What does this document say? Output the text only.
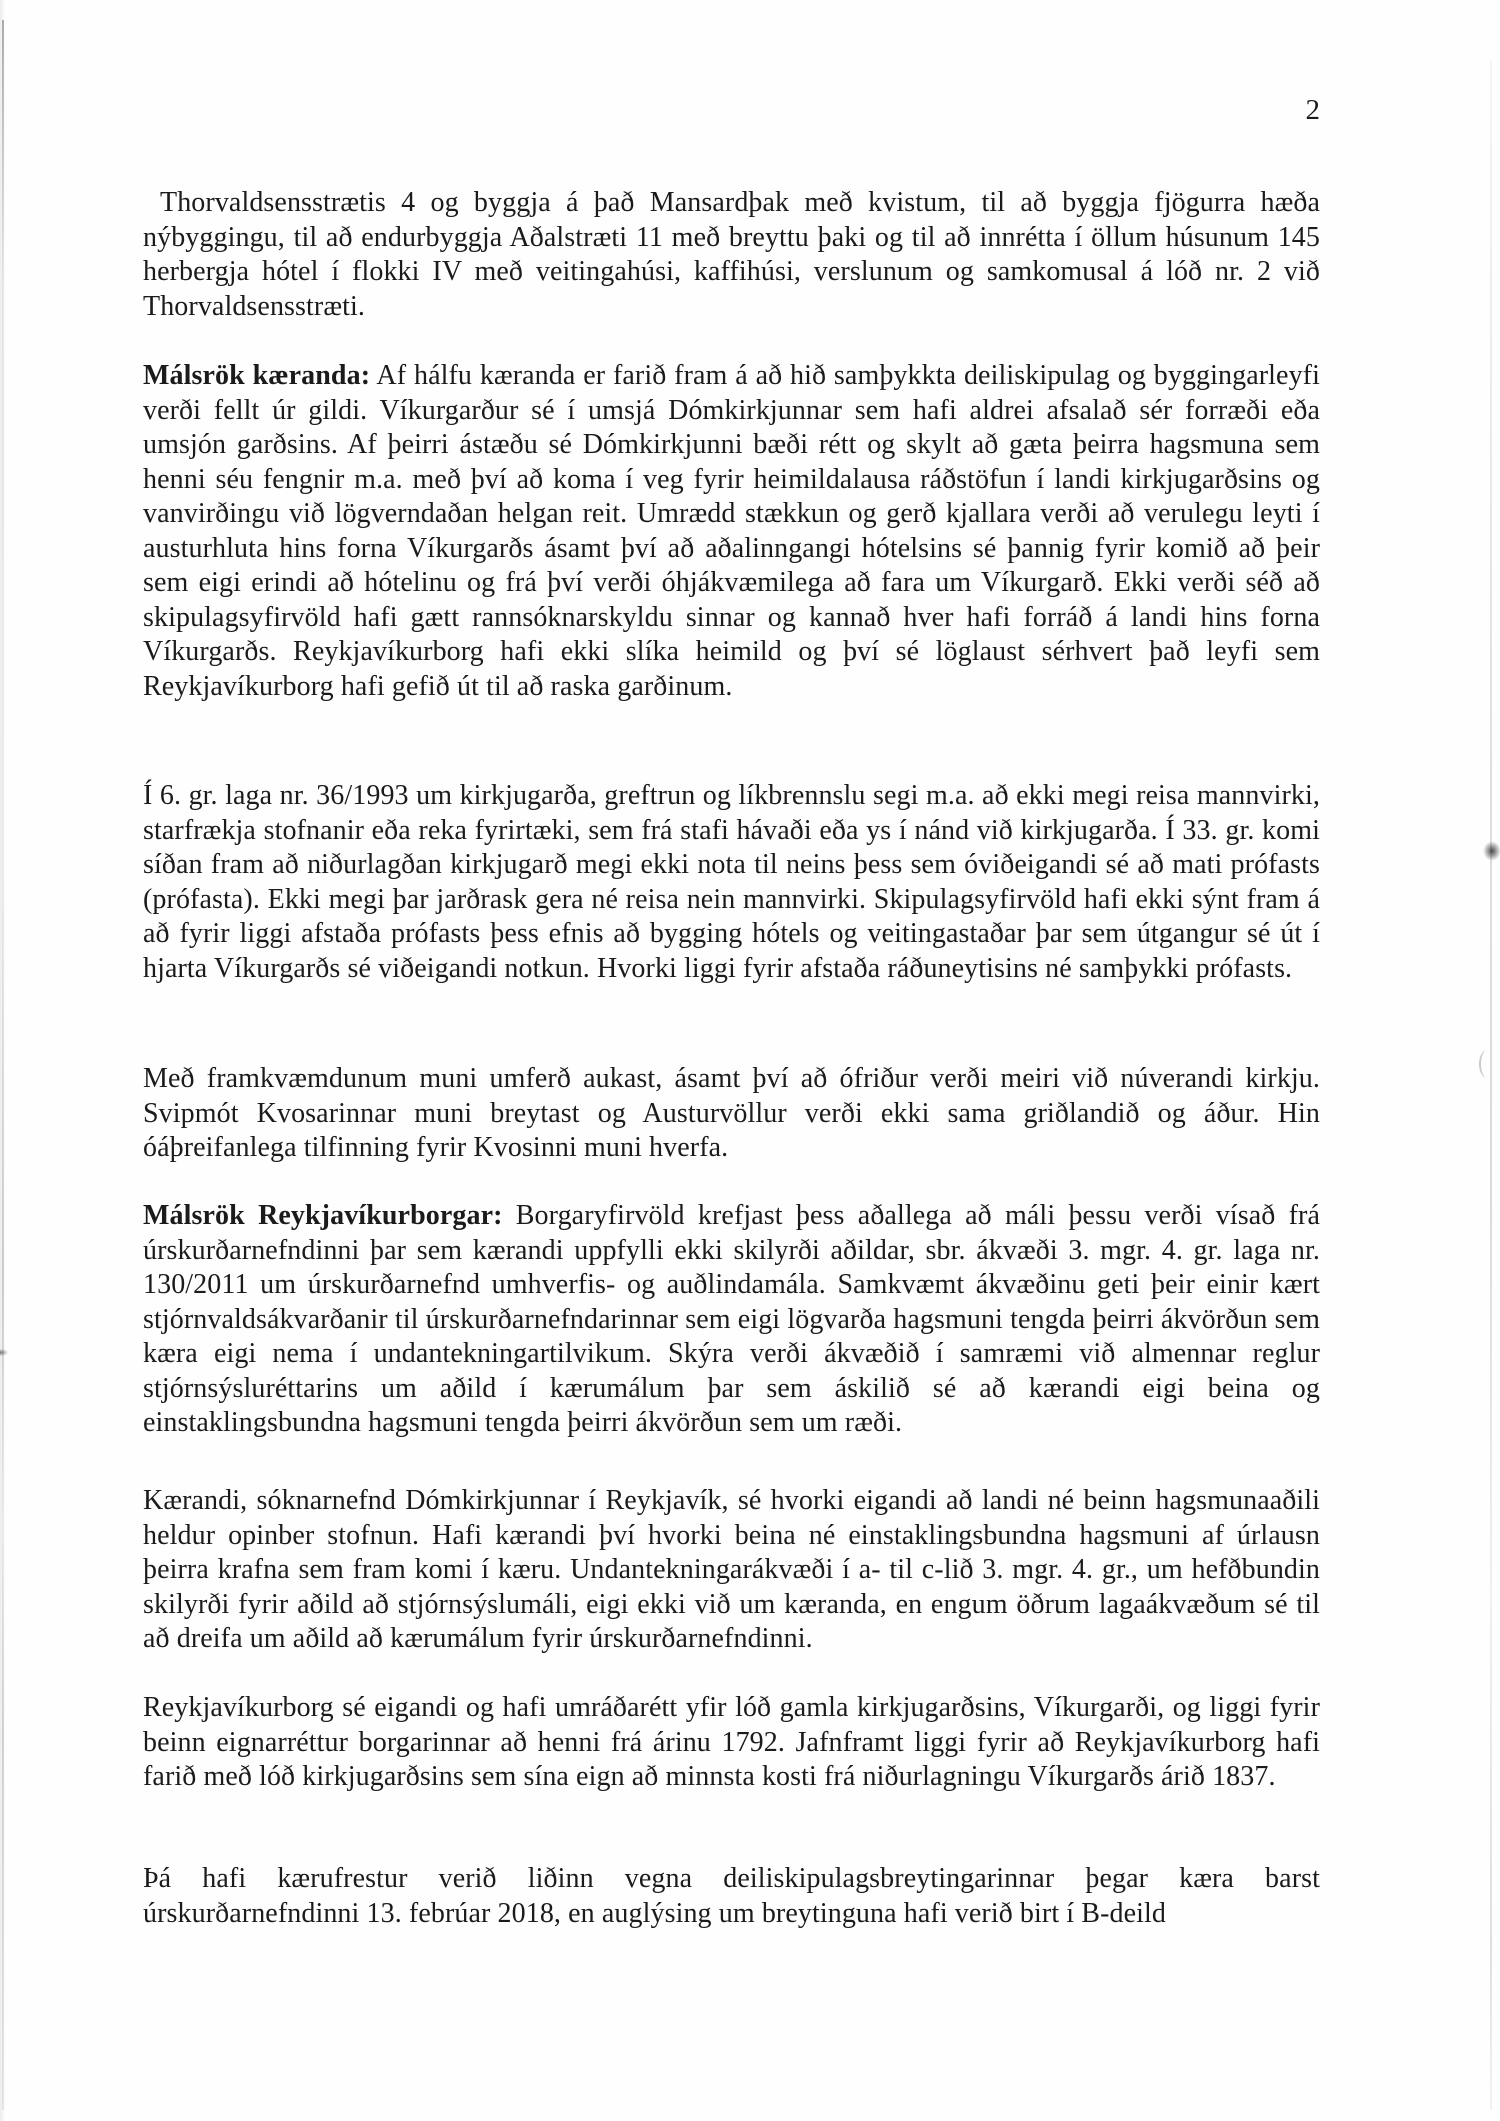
2

Thorvaldsensstrætis 4 og byggja á það Mansardþak með kvistum, til að byggja fjögurra hæða nýbyggingu, til að endurbyggja Aðalstræti 11 með breyttu þaki og til að innrétta í öllum húsunum 145 herbergja hótel í flokki IV með veitingahúsi, kaffihúsi, verslunum og samkomusal á lóð nr. 2 við Thorvaldsensstræti.

Málsrök kæranda: Af hálfu kæranda er farið fram á að hið samþykkta deiliskipulag og byggingarleyfi verði fellt úr gildi. Víkurgarður sé í umsjá Dómkirkjunnar sem hafi aldrei afsalað sér forræði eða umsjón garðsins. Af þeirri ástæðu sé Dómkirkjunni bæði rétt og skylt að gæta þeirra hagsmuna sem henni séu fengnir m.a. með því að koma í veg fyrir heimildalausa ráðstöfun í landi kirkjugarðsins og vanvirðingu við lögverndaðan helgan reit. Umrædd stækkun og gerð kjallara verði að verulegu leyti í austurhluta hins forna Víkurgarðs ásamt því að aðalinngangi hótelsins sé þannig fyrir komið að þeir sem eigi erindi að hótelinu og frá því verði óhjákvæmilega að fara um Víkurgarð. Ekki verði séð að skipulagsyfirvöld hafi gætt rannsóknarskyldu sinnar og kannað hver hafi forráð á landi hins forna Víkurgarðs. Reykjavíkurborg hafi ekki slíka heimild og því sé löglaust sérhvert það leyfi sem Reykjavíkurborg hafi gefið út til að raska garðinum.

Í 6. gr. laga nr. 36/1993 um kirkjugarða, greftrun og líkbrennslu segi m.a. að ekki megi reisa mannvirki, starfrækja stofnanir eða reka fyrirtæki, sem frá stafi hávaði eða ys í nánd við kirkjugarða. Í 33. gr. komi síðan fram að niðurlagðan kirkjugarð megi ekki nota til neins þess sem óviðeigandi sé að mati prófasts (prófasta). Ekki megi þar jarðrask gera né reisa nein mannvirki. Skipulagsyfirvöld hafi ekki sýnt fram á að fyrir liggi afstaða prófasts þess efnis að bygging hótels og veitingastaðar þar sem útgangur sé út í hjarta Víkurgarðs sé viðeigandi notkun. Hvorki liggi fyrir afstaða ráðuneytisins né samþykki prófasts.

Með framkvæmdunum muni umferð aukast, ásamt því að ófriður verði meiri við núverandi kirkju. Svipmót Kvosarinnar muni breytast og Austurvöllur verði ekki sama griðlandið og áður. Hin óáþreifanlega tilfinning fyrir Kvosinni muni hverfa.

Málsrök Reykjavíkurborgar: Borgaryfirvöld krefjast þess aðallega að máli þessu verði vísað frá úrskurðarnefndinni þar sem kærandi uppfylli ekki skilyrði aðildar, sbr. ákvæði 3. mgr. 4. gr. laga nr. 130/2011 um úrskurðarnefnd umhverfis- og auðlindamála. Samkvæmt ákvæðinu geti þeir einir kært stjórnvaldsákvarðanir til úrskurðarnefndarinnar sem eigi lögvarða hagsmuni tengda þeirri ákvörðun sem kæra eigi nema í undantekningartilvikum. Skýra verði ákvæðið í samræmi við almennar reglur stjórnsýsluréttarins um aðild í kærumálum þar sem áskilið sé að kærandi eigi beina og einstaklingsbundna hagsmuni tengda þeirri ákvörðun sem um ræði.

Kærandi, sóknarnefnd Dómkirkjunnar í Reykjavík, sé hvorki eigandi að landi né beinn hagsmunaaðili heldur opinber stofnun. Hafi kærandi því hvorki beina né einstaklingsbundna hagsmuni af úrlausn þeirra krafna sem fram komi í kæru. Undantekningarákvæði í a- til c-lið 3. mgr. 4. gr., um hefðbundin skilyrði fyrir aðild að stjórnsýslumáli, eigi ekki við um kæranda, en engum öðrum lagaákvæðum sé til að dreifa um aðild að kærumálum fyrir úrskurðarnefndinni.

Reykjavíkurborg sé eigandi og hafi umráðarétt yfir lóð gamla kirkjugarðsins, Víkurgarði, og liggi fyrir beinn eignarréttur borgarinnar að henni frá árinu 1792. Jafnframt liggi fyrir að Reykjavíkurborg hafi farið með lóð kirkjugarðsins sem sína eign að minnsta kosti frá niðurlagningu Víkurgarðs árið 1837.

Þá hafi kærufrestur verið liðinn vegna deiliskipulagsbreytingarinnar þegar kæra barst úrskurðarnefndinni 13. febrúar 2018, en auglýsing um breytinguna hafi verið birt í B-deild
